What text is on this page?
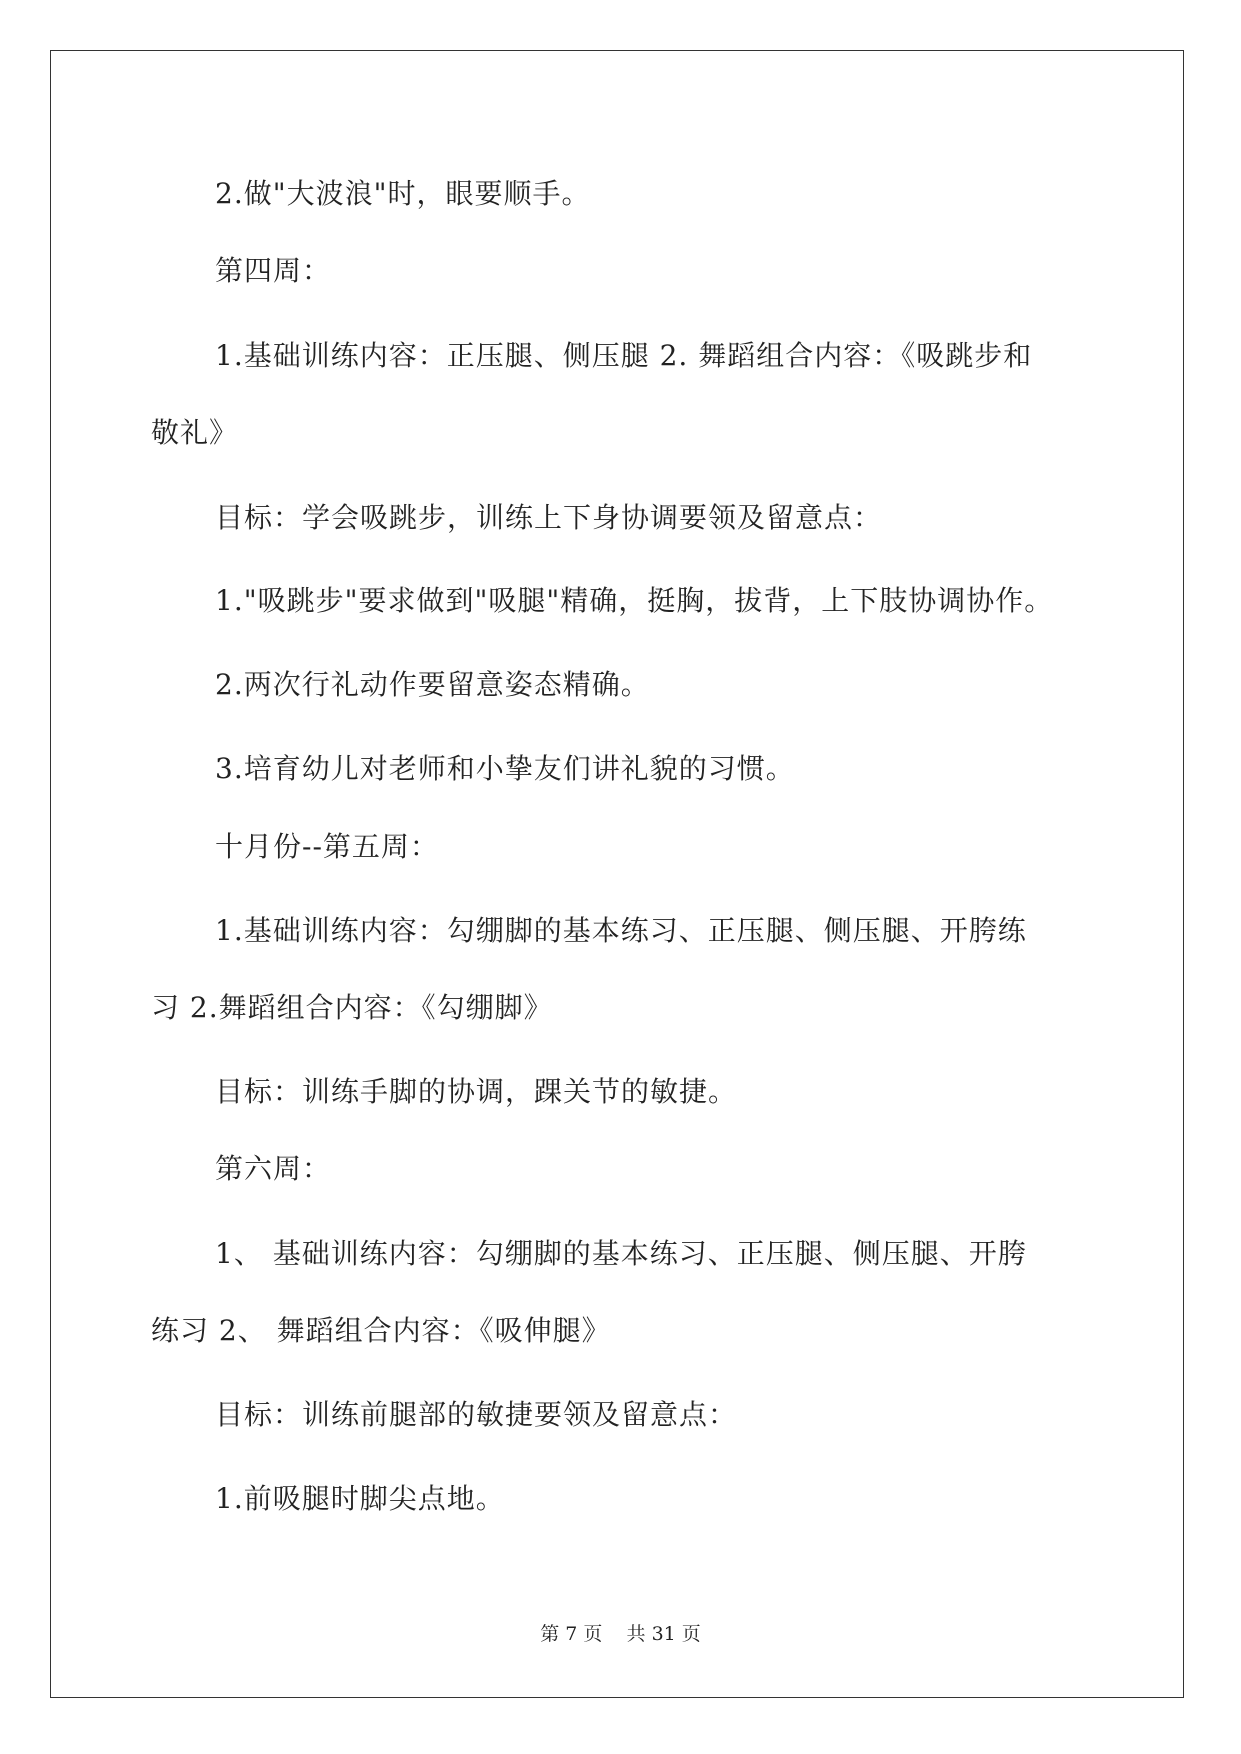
2.做"大波浪"时，眼要顺手。
第四周：
1.基础训练内容：正压腿、侧压腿 2. 舞蹈组合内容：《吸跳步和
敬礼》
目标：学会吸跳步，训练上下身协调要领及留意点：
1."吸跳步"要求做到"吸腿"精确，挺胸，拔背，上下肢协调协作。
2.两次行礼动作要留意姿态精确。
3.培育幼儿对老师和小挚友们讲礼貌的习惯。
十月份--第五周：
1.基础训练内容：勾绷脚的基本练习、正压腿、侧压腿、开胯练
习 2.舞蹈组合内容：《勾绷脚》
目标：训练手脚的协调，踝关节的敏捷。
第六周：
1、 基础训练内容：勾绷脚的基本练习、正压腿、侧压腿、开胯
练习 2、 舞蹈组合内容：《吸伸腿》
目标：训练前腿部的敏捷要领及留意点：
1.前吸腿时脚尖点地。
第 7 页    共 31 页
